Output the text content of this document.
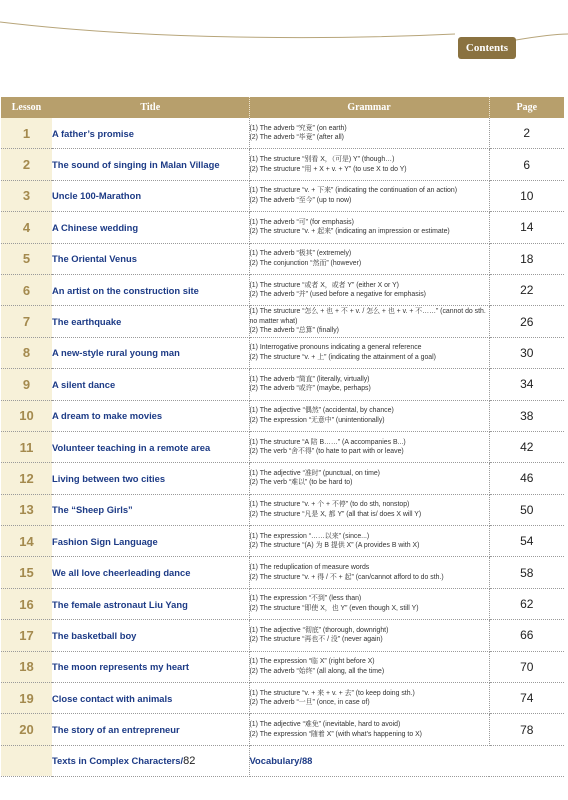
Contents
Lesson	Title	Grammar	Page
1	A father’s promise	(1) The adverb “究竟” (on earth)
(2) The adverb “毕竟” (after all)	2
2	The sound of singing in Malan Village	(1) The structure “别看 X，（可是) Y” (though…)
(2) The structure “用 + X + v. + Y” (to use X to do Y)	6
3	Uncle 100-Marathon	(1) The structure “v. + 下来” (indicating the continuation of an action)
(2) The adverb “至今” (up to now)	10
4	A Chinese wedding	(1) The adverb “可” (for emphasis)
(2) The structure “v. + 起来” (indicating an impression or estimate)	14
5	The Oriental Venus	(1) The adverb “极其” (extremely)
(2) The conjunction “然而” (however)	18
6	An artist on the construction site	(1) The structure “或者 X，或者 Y” (either X or Y)
(2) The adverb “并” (used before a negative for emphasis)	22
7	The earthquake	(1) The structure “怎么 + 也 + 不 + v. / 怎么 + 也 + v. + 不……” (cannot do sth. no matter what)
(2) The adverb “总算” (finally)	26
8	A new-style rural young man	(1) Interrogative pronouns indicating a general reference
(2) The structure “v. + 上” (indicating the attainment of a goal)	30
9	A silent dance	(1) The adverb “简直” (literally, virtually)
(2) The adverb “或许” (maybe, perhaps)	34
10	A dream to make movies	(1) The adjective “偶然” (accidental, by chance)
(2) The expression “无意中” (unintentionally)	38
11	Volunteer teaching in a remote area	(1) The structure “A 陪 B……” (A accompanies B...)
(2) The verb “舍不得” (to hate to part with or leave)	42
12	Living between two cities	(1) The adjective “准时” (punctual, on time)
(2) The verb “难以” (to be hard to)	46
13	The “Sheep Girls”	(1) The structure “v. + 个 + 不停” (to do sth, nonstop)
(2) The structure “凡是 X, 都 Y” (all that is/ does X will Y)	50
14	Fashion Sign Language	(1) The expression “……以来” (since...)
(2) The structure “(A) 为 B 提供 X” (A provides B with X)	54
15	We all love cheerleading dance	(1) The reduplication of measure words
(2) The structure “v. + 得 / 不 + 起” (can/cannot afford to do sth.)	58
16	The female astronaut Liu Yang	(1) The expression “不到” (less than)
(2) The structure “即使 X，也 Y” (even though X, still Y)	62
17	The basketball boy	(1) The adjective “彻底” (thorough, downright)
(2) The structure “再也不 / 没” (never again)	66
18	The moon represents my heart	(1) The expression “临 X” (right before X)
(2) The adverb “始终” (all along, all the time)	70
19	Close contact with animals	(1) The structure “v. + 来 + v. + 去” (to keep doing sth.)
(2) The adverb “一旦” (once, in case of)	74
20	The story of an entrepreneur	(1) The adjective “难免” (inevitable, hard to avoid)
(2) The expression “随着 X” (with what’s happening to X)	78
	Texts in Complex Characters/82	Vocabulary/88	
